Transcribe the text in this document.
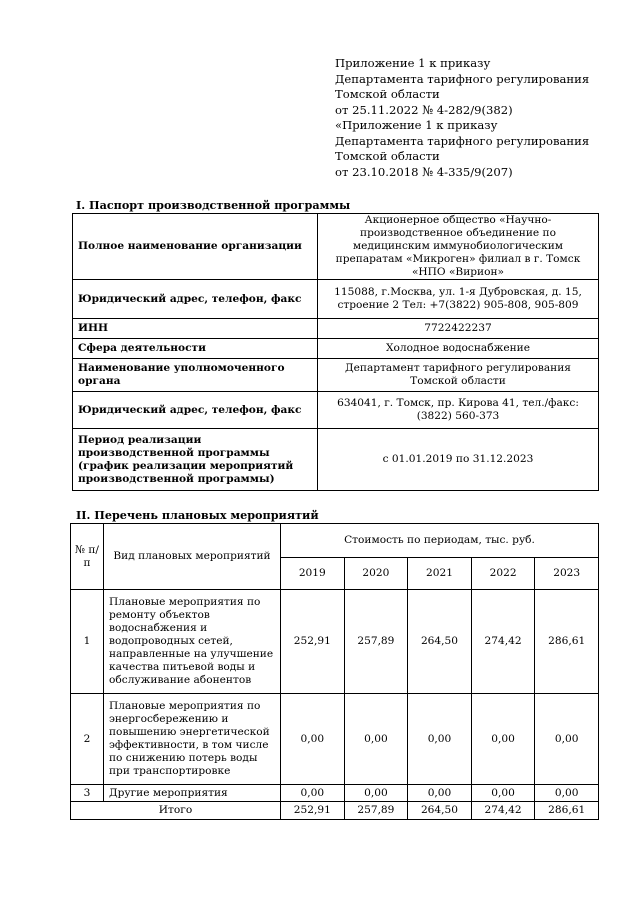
Приложение 1 к приказу
Департамента тарифного регулирования
Томской области
от 25.11.2022 № 4-282/9(382)
«Приложение 1 к приказу
Департамента тарифного регулирования
Томской области
от 23.10.2018 № 4-335/9(207)
I. Паспорт производственной программы
Полное наименование организации	Акционерное общество «Научно-производственное объединение по медицинским иммунобиологическим препаратам «Микроген» филиал в г. Томск «НПО «Вирион»
Юридический адрес, телефон, факс	115088, г.Москва, ул. 1-я Дубровская, д. 15, строение 2 Тел: +7(3822) 905-808, 905-809
ИНН	7722422237
Сфера деятельности	Холодное водоснабжение
Наименование уполномоченного органа	Департамент тарифного регулирования Томской области
Юридический адрес, телефон, факс	634041, г. Томск, пр. Кирова 41, тел./факс: (3822) 560-373
Период реализации производственной программы (график реализации мероприятий производственной программы)	с 01.01.2019 по 31.12.2023
II. Перечень плановых мероприятий
№ п/п	Вид плановых мероприятий	Стоимость по периодам, тыс. руб.				
		2019	2020	2021	2022	2023
1	Плановые мероприятия по ремонту объектов водоснабжения и водопроводных сетей, направленные на улучшение качества питьевой воды и обслуживание абонентов	252,91	257,89	264,50	274,42	286,61
2	Плановые мероприятия по энергосбережению и повышению энергетической эффективности, в том числе по снижению потерь воды при транспортировке	0,00	0,00	0,00	0,00	0,00
3	Другие мероприятия	0,00	0,00	0,00	0,00	0,00
Итого		252,91	257,89	264,50	274,42	286,61
